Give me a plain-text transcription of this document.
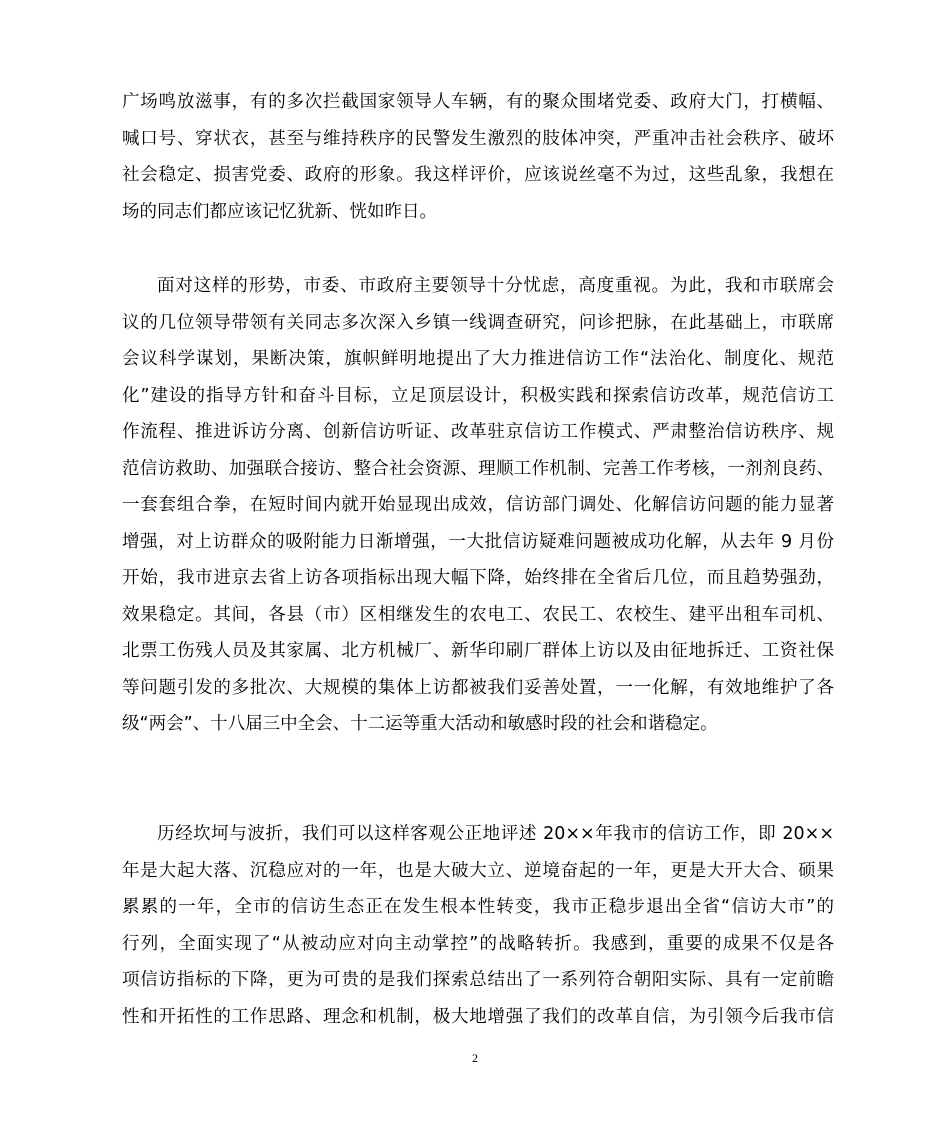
广场鸣放滋事，有的多次拦截国家领导人车辆，有的聚众围堵党委、政府大门，打横幅、
喊口号、穿状衣，甚至与维持秩序的民警发生激烈的肢体冲突，严重冲击社会秩序、破坏
社会稳定、损害党委、政府的形象。我这样评价，应该说丝毫不为过，这些乱象，我想在
场的同志们都应该记忆犹新、恍如昨日。
面对这样的形势，市委、市政府主要领导十分忧虑，高度重视。为此，我和市联席会
议的几位领导带领有关同志多次深入乡镇一线调查研究，问诊把脉，在此基础上，市联席
会议科学谋划，果断决策，旗帜鲜明地提出了大力推进信访工作“法治化、制度化、规范
化”建设的指导方针和奋斗目标，立足顶层设计，积极实践和探索信访改革，规范信访工
作流程、推进诉访分离、创新信访听证、改革驻京信访工作模式、严肃整治信访秩序、规
范信访救助、加强联合接访、整合社会资源、理顺工作机制、完善工作考核，一剂剂良药、
一套套组合拳，在短时间内就开始显现出成效，信访部门调处、化解信访问题的能力显著
增强，对上访群众的吸附能力日渐增强，一大批信访疑难问题被成功化解，从去年 9 月份
开始，我市进京去省上访各项指标出现大幅下降，始终排在全省后几位，而且趋势强劲，
效果稳定。其间，各县（市）区相继发生的农电工、农民工、农校生、建平出租车司机、
北票工伤残人员及其家属、北方机械厂、新华印刷厂群体上访以及由征地拆迁、工资社保
等问题引发的多批次、大规模的集体上访都被我们妥善处置，一一化解，有效地维护了各
级“两会”、十八届三中全会、十二运等重大活动和敏感时段的社会和谐稳定。
历经坎坷与波折，我们可以这样客观公正地评述 20××年我市的信访工作，即 20××
年是大起大落、沉稳应对的一年，也是大破大立、逆境奋起的一年，更是大开大合、硕果
累累的一年，全市的信访生态正在发生根本性转变，我市正稳步退出全省“信访大市”的
行列，全面实现了“从被动应对向主动掌控”的战略转折。我感到，重要的成果不仅是各
项信访指标的下降，更为可贵的是我们探索总结出了一系列符合朝阳实际、具有一定前瞻
性和开拓性的工作思路、理念和机制，极大地增强了我们的改革自信，为引领今后我市信
2
